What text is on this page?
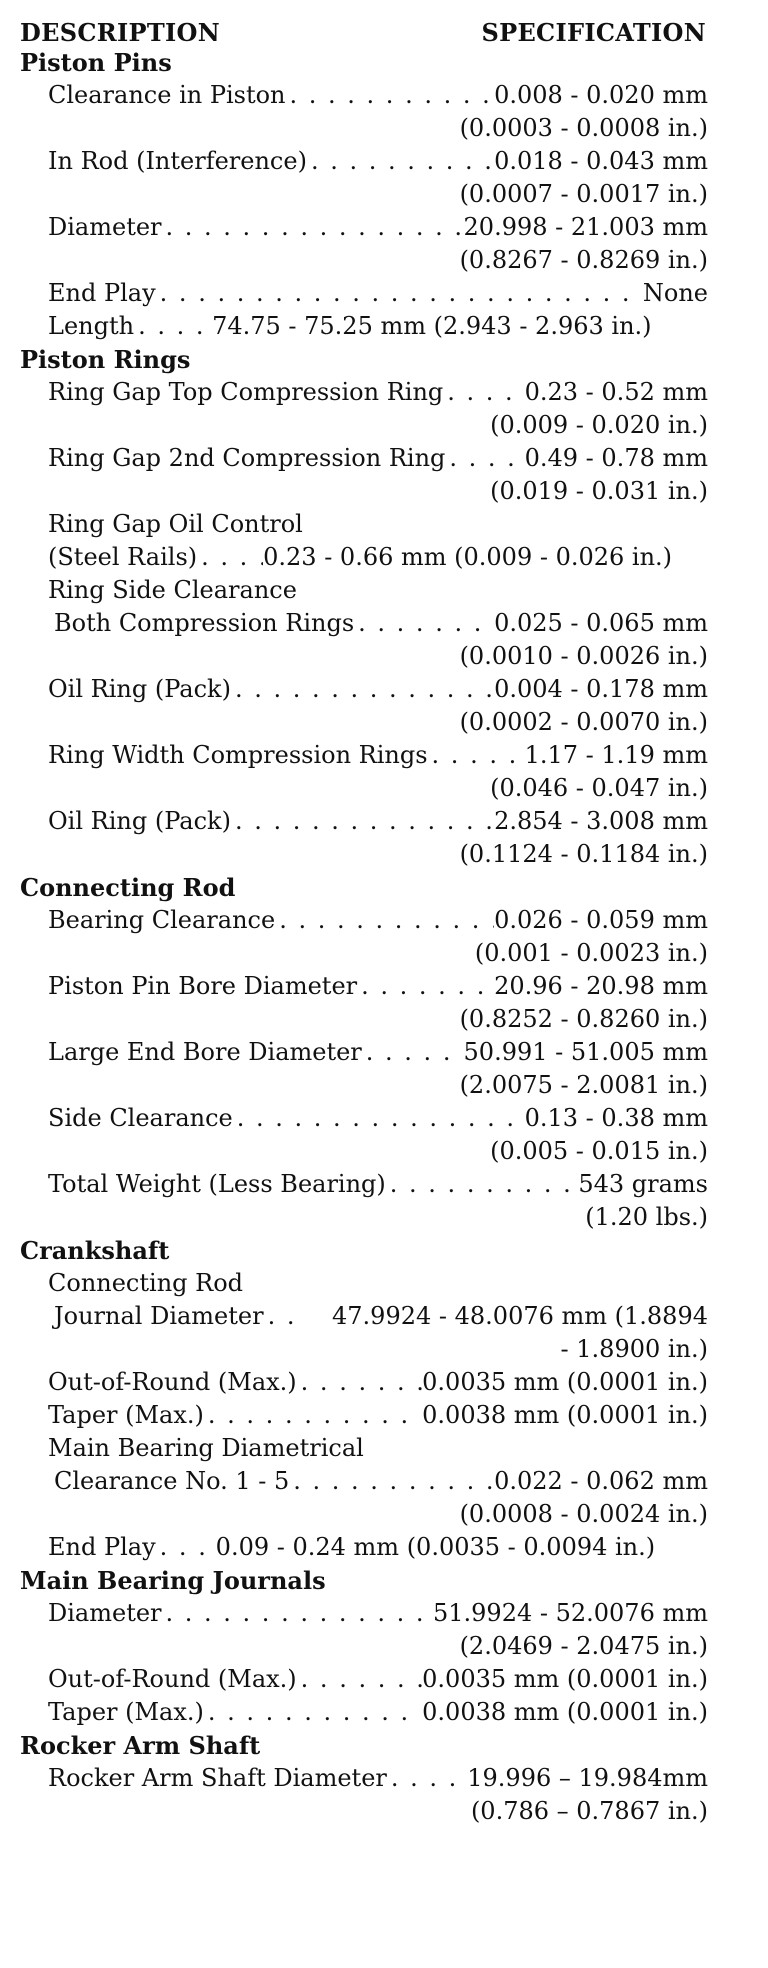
DESCRIPTION	SPECIFICATION
Piston Pins
Clearance in Piston . . .	0.008 - 0.020 mm
(0.0003 - 0.0008 in.)
In Rod (Interference) . . .	0.018 - 0.043 mm
(0.0007 - 0.0017 in.)
Diameter . . .	20.998 - 21.003 mm
(0.8267 - 0.8269 in.)
End Play . . .	None
Length . . .	74.75 - 75.25 mm (2.943 - 2.963 in.)
Piston Rings
Ring Gap Top Compression Ring . . .	0.23 - 0.52 mm
(0.009 - 0.020 in.)
Ring Gap 2nd Compression Ring . . .	0.49 - 0.78 mm
(0.019 - 0.031 in.)
Ring Gap Oil Control
(Steel Rails) . . .	0.23 - 0.66 mm (0.009 - 0.026 in.)
Ring Side Clearance
Both Compression Rings . . .	0.025 - 0.065 mm
(0.0010 - 0.0026 in.)
Oil Ring (Pack) . . .	0.004 - 0.178 mm
(0.0002 - 0.0070 in.)
Ring Width Compression Rings . . .	1.17 - 1.19 mm
(0.046 - 0.047 in.)
Oil Ring (Pack) . . .	2.854 - 3.008 mm
(0.1124 - 0.1184 in.)
Connecting Rod
Bearing Clearance . . .	0.026 - 0.059 mm
(0.001 - 0.0023 in.)
Piston Pin Bore Diameter . . .	20.96 - 20.98 mm
(0.8252 - 0.8260 in.)
Large End Bore Diameter . . .	50.991 - 51.005 mm
(2.0075 - 2.0081 in.)
Side Clearance . . .	0.13 - 0.38 mm
(0.005 - 0.015 in.)
Total Weight (Less Bearing) . . .	543 grams
(1.20 lbs.)
Crankshaft
Connecting Rod
Journal Diameter . . .	47.9924 - 48.0076 mm (1.8894
- 1.8900 in.)
Out-of-Round (Max.) . . .	0.0035 mm (0.0001 in.)
Taper (Max.) . . .	0.0038 mm (0.0001 in.)
Main Bearing Diametrical
Clearance No. 1 - 5 . . .	0.022 - 0.062 mm
(0.0008 - 0.0024 in.)
End Play . . .	0.09 - 0.24 mm (0.0035 - 0.0094 in.)
Main Bearing Journals
Diameter . . .	51.9924 - 52.0076 mm
(2.0469 - 2.0475 in.)
Out-of-Round (Max.) . . .	0.0035 mm (0.0001 in.)
Taper (Max.) . . .	0.0038 mm (0.0001 in.)
Rocker Arm Shaft
Rocker Arm Shaft Diameter . . .	19.996 – 19.984mm
(0.786 – 0.7867 in.)
